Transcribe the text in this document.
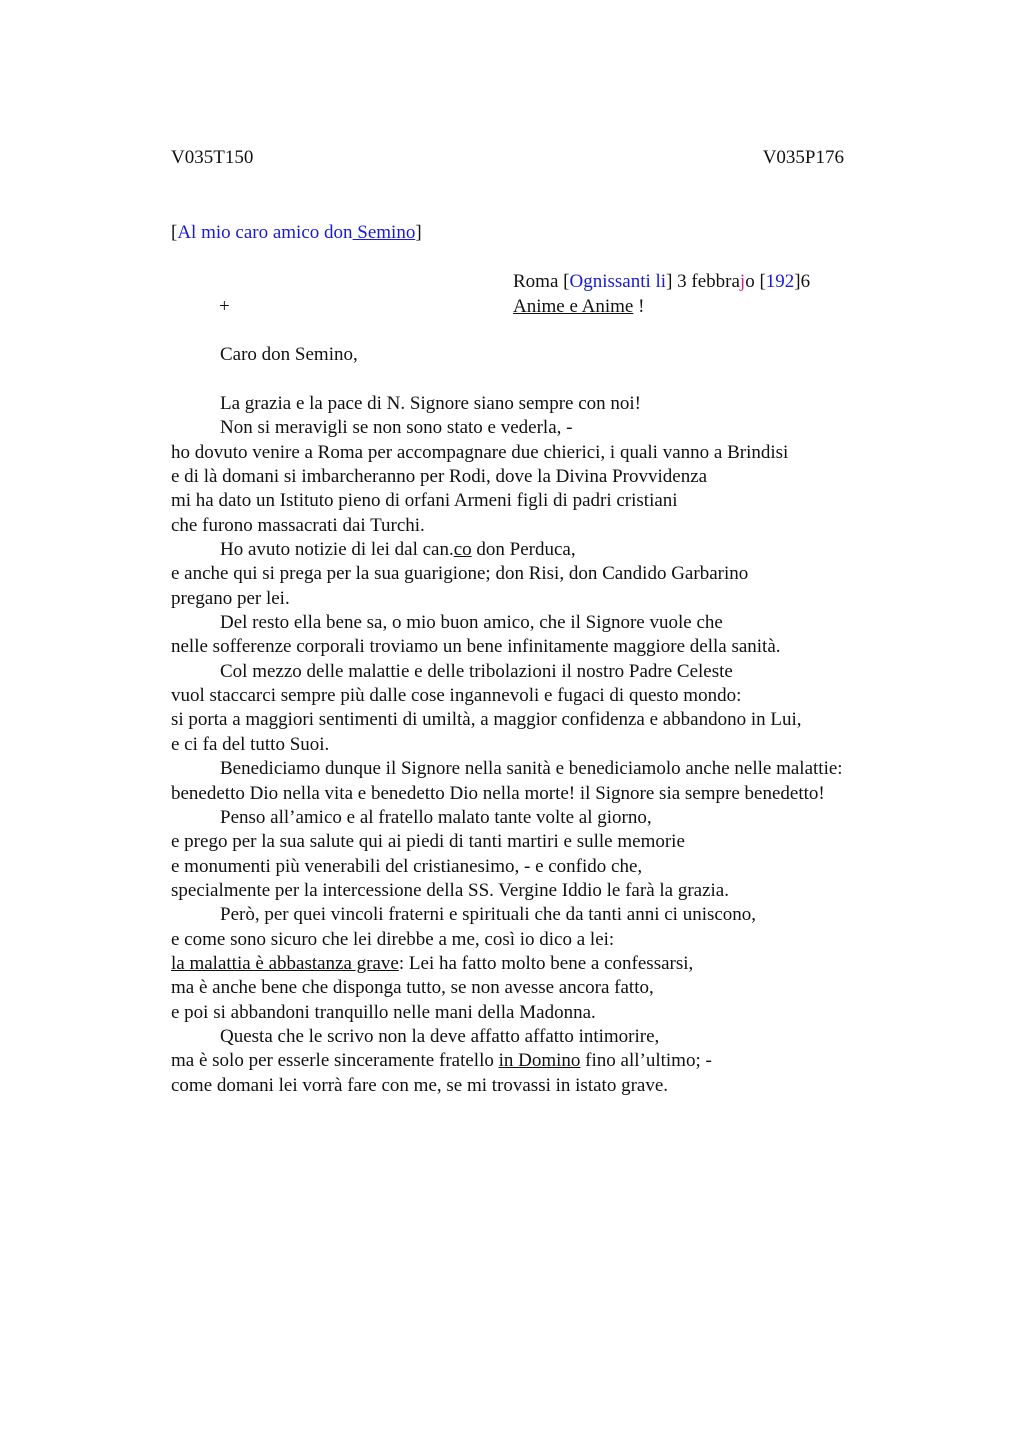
V035T150	V035P176
[Al mio caro amico don Semino]
Roma [Ognissanti li] 3 febbrajo [192]6
+	Anime e Anime !
Caro don Semino,
La grazia e la pace di N. Signore siano sempre con noi!
Non si meravigli se non sono stato e vederla, -
ho dovuto venire a Roma per accompagnare due chierici, i quali vanno a Brindisi
e di là domani si imbarcheranno per Rodi, dove la Divina Provvidenza
mi ha dato un Istituto pieno di orfani Armeni figli di padri cristiani
che furono massacrati dai Turchi.
Ho avuto notizie di lei dal can.co don Perduca,
e anche qui si prega per la sua guarigione; don Risi, don Candido Garbarino
pregano per lei.
Del resto ella bene sa, o mio buon amico, che il Signore vuole che
nelle sofferenze corporali troviamo un bene infinitamente maggiore della sanità.
Col mezzo delle malattie e delle tribolazioni il nostro Padre Celeste
vuol staccarci sempre più dalle cose ingannevoli e fugaci di questo mondo:
si porta a maggiori sentimenti di umiltà, a maggior confidenza e abbandono in Lui,
e ci fa del tutto Suoi.
Benediciamo dunque il Signore nella sanità e benediciamolo anche nelle malattie:
benedetto Dio nella vita e benedetto Dio nella morte! il Signore sia sempre benedetto!
Penso all’amico e al fratello malato tante volte al giorno,
e prego per la sua salute qui ai piedi di tanti martiri e sulle memorie
e monumenti più venerabili del cristianesimo, - e confido che,
specialmente per la intercessione della SS. Vergine Iddio le farà la grazia.
Però, per quei vincoli fraterni e spirituali che da tanti anni ci uniscono,
e come sono sicuro che lei direbbe a me, così io dico a lei:
la malattia è abbastanza grave: Lei ha fatto molto bene a confessarsi,
ma è anche bene che disponga tutto, se non avesse ancora fatto,
e poi si abbandoni tranquillo nelle mani della Madonna.
Questa che le scrivo non la deve affatto affatto intimorire,
ma è solo per esserle sinceramente fratello in Domino fino all’ultimo; -
come domani lei vorrà fare con me, se mi trovassi in istato grave.
